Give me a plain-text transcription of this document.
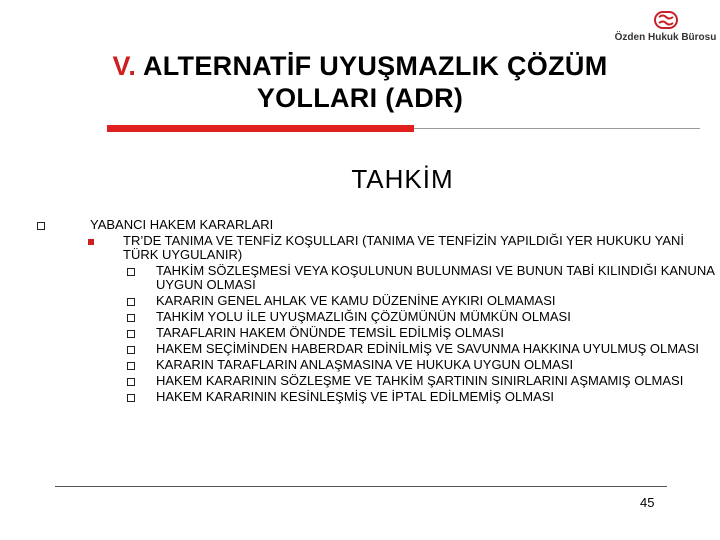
Özden Hukuk Bürosu
V. ALTERNATİF UYUŞMAZLIK ÇÖZÜM
YOLLARI (ADR)
TAHKİM
YABANCI HAKEM KARARLARI
TR’DE TANIMA VE TENFİZ KOŞULLARI (TANIMA VE TENFİZİN YAPILDIĞI YER HUKUKU YANİ TÜRK UYGULANIR)
TAHKİM SÖZLEŞMESİ VEYA KOŞULUNUN BULUNMASI VE BUNUN TABİ KILINDIĞI KANUNA UYGUN OLMASI
KARARIN GENEL AHLAK VE KAMU DÜZENİNE AYKIRI OLMAMASI
TAHKİM YOLU İLE UYUŞMAZLIĞIN ÇÖZÜMÜNÜN MÜMKÜN OLMASI
TARAFLARIN HAKEM ÖNÜNDE TEMSİL EDİLMİŞ OLMASI
HAKEM SEÇİMİNDEN HABERDAR EDİNİLMİŞ VE SAVUNMA HAKKINA UYULMUŞ OLMASI
KARARIN TARAFLARIN ANLAŞMASINA VE HUKUKA UYGUN OLMASI
HAKEM KARARININ SÖZLEŞME VE TAHKİM ŞARTININ SINIRLARINI AŞMAMIŞ OLMASI
HAKEM KARARININ KESİNLEŞMİŞ VE İPTAL EDİLMEMİŞ OLMASI
45
